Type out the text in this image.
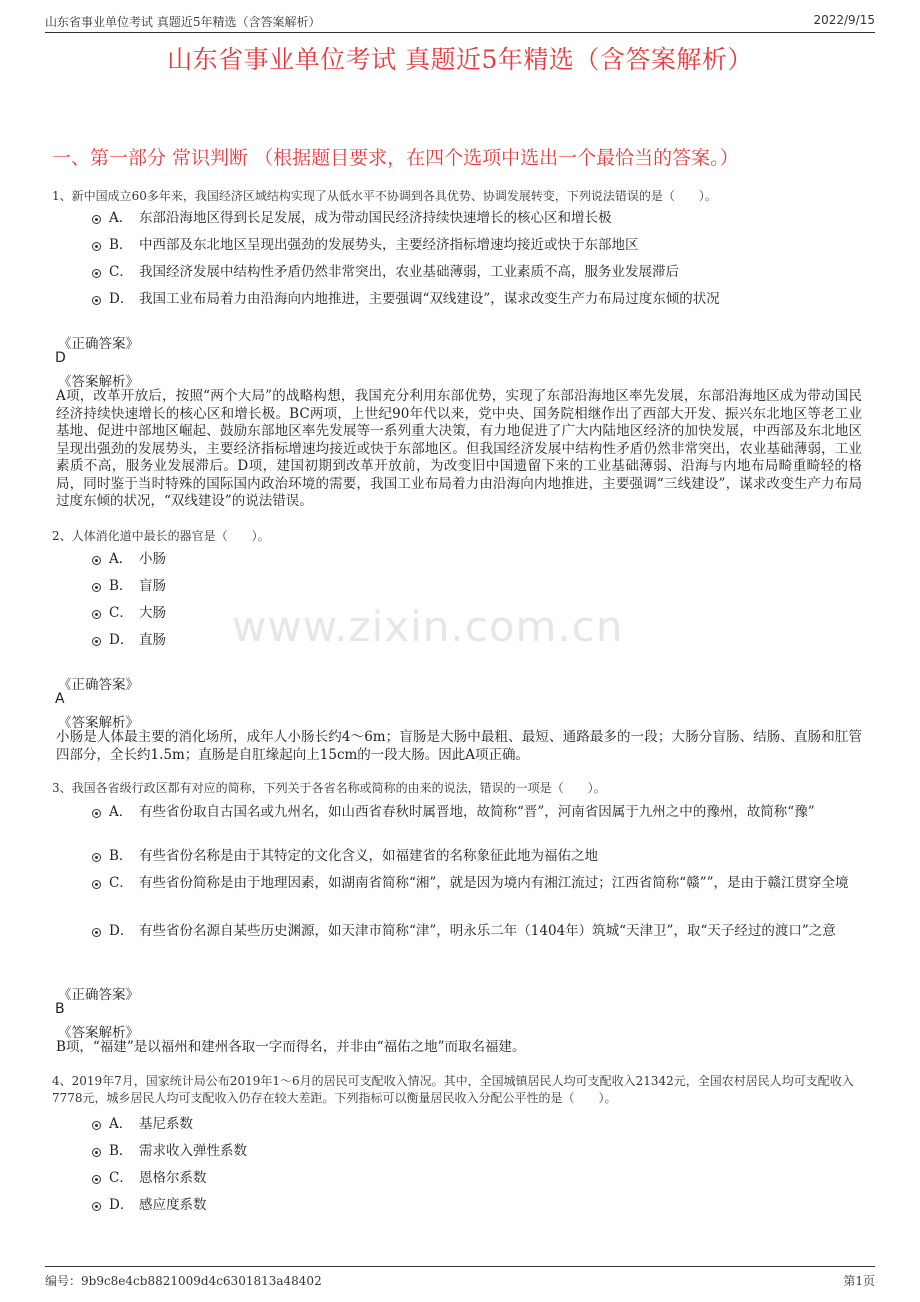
山东省事业单位考试 真题近5年精选（含答案解析）	2022/9/15
山东省事业单位考试 真题近5年精选（含答案解析）
一、第一部分 常识判断 （根据题目要求，在四个选项中选出一个最恰当的答案。）
www.zixin.com.cn
1、新中国成立60多年来，我国经济区域结构实现了从低水平不协调到各具优势、协调发展转变，下列说法错误的是（　　）。
A． 东部沿海地区得到长足发展，成为带动国民经济持续快速增长的核心区和增长极
B． 中西部及东北地区呈现出强劲的发展势头，主要经济指标增速均接近或快于东部地区
C． 我国经济发展中结构性矛盾仍然非常突出，农业基础薄弱，工业素质不高，服务业发展滞后
D． 我国工业布局着力由沿海向内地推进，主要强调“双线建设”，谋求改变生产力布局过度东倾的状况
《正确答案》
D
《答案解析》
A项，改革开放后，按照“两个大局”的战略构想，我国充分利用东部优势，实现了东部沿海地区率先发展，东部沿海地区成为带动国民经济持续快速增长的核心区和增长极。BC两项，上世纪90年代以来，党中央、国务院相继作出了西部大开发、振兴东北地区等老工业基地、促进中部地区崛起、鼓励东部地区率先发展等一系列重大决策，有力地促进了广大内陆地区经济的加快发展，中西部及东北地区呈现出强劲的发展势头，主要经济指标增速均接近或快于东部地区。但我国经济发展中结构性矛盾仍然非常突出，农业基础薄弱，工业素质不高，服务业发展滞后。D项，建国初期到改革开放前，为改变旧中国遗留下来的工业基础薄弱、沿海与内地布局畸重畸轻的格局，同时鉴于当时特殊的国际国内政治环境的需要，我国工业布局着力由沿海向内地推进，主要强调“三线建设”，谋求改变生产力布局过度东倾的状况，“双线建设”的说法错误。
2、人体消化道中最长的器官是（　　）。
A． 小肠
B． 盲肠
C． 大肠
D． 直肠
《正确答案》
A
《答案解析》
小肠是人体最主要的消化场所，成年人小肠长约4～6m；盲肠是大肠中最粗、最短、通路最多的一段；大肠分盲肠、结肠、直肠和肛管四部分，全长约1.5m；直肠是自肛缘起向上15cm的一段大肠。因此A项正确。
3、我国各省级行政区都有对应的简称，下列关于各省名称或简称的由来的说法，错误的一项是（　　）。
A． 有些省份取自古国名或九州名，如山西省春秋时属晋地，故简称“晋”，河南省因属于九州之中的豫州，故简称“豫”
B． 有些省份名称是由于其特定的文化含义，如福建省的名称象征此地为福佑之地
C． 有些省份简称是由于地理因素，如湖南省简称“湘”，就是因为境内有湘江流过；江西省简称“赣””，是由于赣江贯穿全境
D． 有些省份名源自某些历史渊源，如天津市简称“津”，明永乐二年（1404年）筑城“天津卫”，取“天子经过的渡口”之意
《正确答案》
B
《答案解析》
B项，“福建”是以福州和建州各取一字而得名，并非由“福佑之地”而取名福建。
4、2019年7月，国家统计局公布2019年1～6月的居民可支配收入情况。其中，全国城镇居民人均可支配收入21342元，全国农村居民人均可支配收入7778元，城乡居民人均可支配收入仍存在较大差距。下列指标可以衡量居民收入分配公平性的是（　　）。
A． 基尼系数
B． 需求收入弹性系数
C． 恩格尔系数
D． 感应度系数
编号：9b9c8e4cb8821009d4c6301813a48402	第1页
